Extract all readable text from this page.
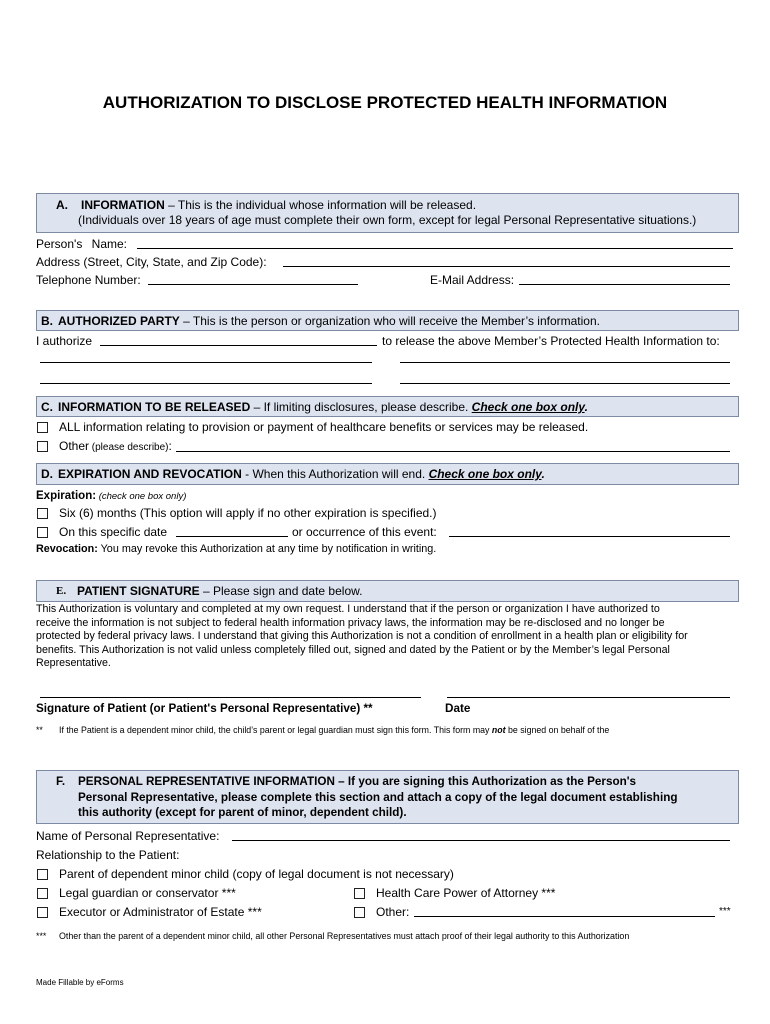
AUTHORIZATION TO DISCLOSE PROTECTED HEALTH INFORMATION
A. INFORMATION – This is the individual whose information will be released.
(Individuals over 18 years of age must complete their own form, except for legal Personal Representative situations.)
Person's Name:
Address (Street, City, State, and Zip Code):
Telephone Number:	E-Mail Address:
B. AUTHORIZED PARTY – This is the person or organization who will receive the Member’s information.
I authorize	to release the above Member’s Protected Health Information to:
C. INFORMATION TO BE RELEASED – If limiting disclosures, please describe. Check one box only.
ALL information relating to provision or payment of healthcare benefits or services may be released.
Other (please describe):
D. EXPIRATION AND REVOCATION - When this Authorization will end. Check one box only.
Expiration: (check one box only)
Six (6) months (This option will apply if no other expiration is specified.)
On this specific date	or occurrence of this event:
Revocation: You may revoke this Authorization at any time by notification in writing.
E. PATIENT SIGNATURE – Please sign and date below.
This Authorization is voluntary and completed at my own request. I understand that if the person or organization I have authorized to
receive the information is not subject to federal health information privacy laws, the information may be re-disclosed and no longer be
protected by federal privacy laws. I understand that giving this Authorization is not a condition of enrollment in a health plan or eligibility for
benefits. This Authorization is not valid unless completely filled out, signed and dated by the Patient or by the Member’s legal Personal
Representative.
Signature of Patient (or Patient's Personal Representative) **	Date
** If the Patient is a dependent minor child, the child’s parent or legal guardian must sign this form. This form may not be signed on behalf of the
F. PERSONAL REPRESENTATIVE INFORMATION – If you are signing this Authorization as the Person's
Personal Representative, please complete this section and attach a copy of the legal document establishing
this authority (except for parent of minor, dependent child).
Name of Personal Representative:
Relationship to the Patient:
Parent of dependent minor child (copy of legal document is not necessary)
Legal guardian or conservator ***	Health Care Power of Attorney ***
Executor or Administrator of Estate ***	Other:	***
*** Other than the parent of a dependent minor child, all other Personal Representatives must attach proof of their legal authority to this Authorization
Made Fillable by eForms
